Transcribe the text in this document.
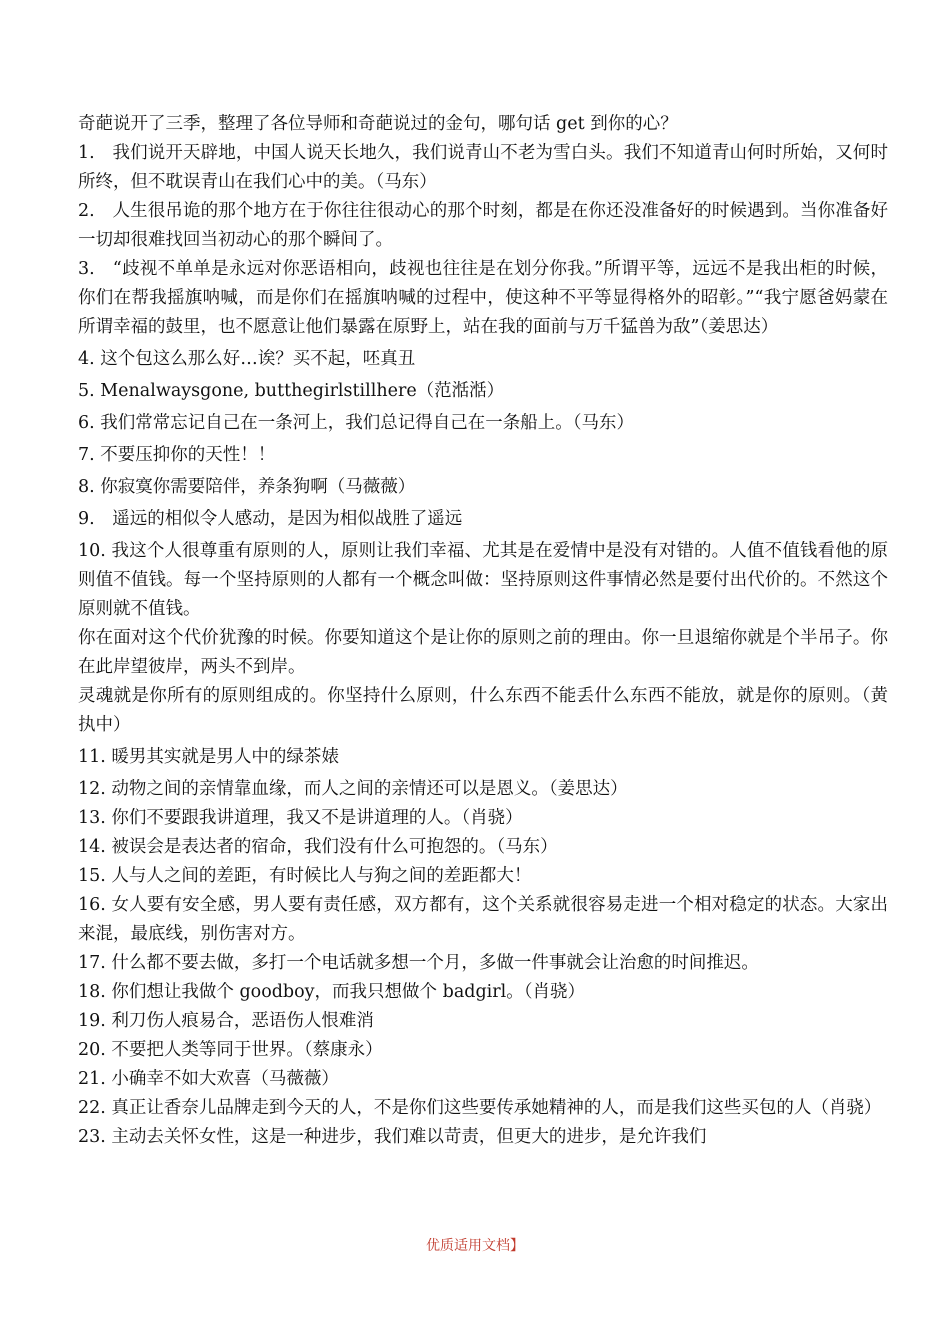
奇葩说开了三季，整理了各位导师和奇葩说过的金句，哪句话 get 到你的心？

1.　我们说开天辟地，中国人说天长地久，我们说青山不老为雪白头。我们不知道青山何时所始，又何时所终，但不耽误青山在我们心中的美。（马东）

2.　人生很吊诡的那个地方在于你往往很动心的那个时刻，都是在你还没准备好的时候遇到。当你准备好一切却很难找回当初动心的那个瞬间了。

3.　“歧视不单单是永远对你恶语相向，歧视也往往是在划分你我。”所谓平等，远远不是我出柜的时候，你们在帮我摇旗呐喊，而是你们在摇旗呐喊的过程中，使这种不平等显得格外的昭彰。”“我宁愿爸妈蒙在所谓幸福的鼓里，也不愿意让他们暴露在原野上，站在我的面前与万千猛兽为敌”（姜思达）

4. 这个包这么那么好…诶？买不起，呸真丑

5. Menalwaysgone, butthegirlstillhere（范湉湉）

6. 我们常常忘记自己在一条河上，我们总记得自己在一条船上。（马东）

7. 不要压抑你的天性！！

8. 你寂寞你需要陪伴，养条狗啊（马薇薇）

9.　遥远的相似令人感动，是因为相似战胜了遥远

10. 我这个人很尊重有原则的人，原则让我们幸福、尤其是在爱情中是没有对错的。人值不值钱看他的原则值不值钱。每一个坚持原则的人都有一个概念叫做：坚持原则这件事情必然是要付出代价的。不然这个原则就不值钱。

你在面对这个代价犹豫的时候。你要知道这个是让你的原则之前的理由。你一旦退缩你就是个半吊子。你在此岸望彼岸，两头不到岸。

灵魂就是你所有的原则组成的。你坚持什么原则，什么东西不能丢什么东西不能放，就是你的原则。（黄执中）

11. 暖男其实就是男人中的绿茶婊

12. 动物之间的亲情靠血缘，而人之间的亲情还可以是恩义。（姜思达）

13. 你们不要跟我讲道理，我又不是讲道理的人。（肖骁）

14. 被误会是表达者的宿命，我们没有什么可抱怨的。（马东）

15. 人与人之间的差距，有时候比人与狗之间的差距都大！

16. 女人要有安全感，男人要有责任感，双方都有，这个关系就很容易走进一个相对稳定的状态。大家出来混，最底线，别伤害对方。

17. 什么都不要去做，多打一个电话就多想一个月，多做一件事就会让治愈的时间推迟。

18. 你们想让我做个 goodboy，而我只想做个 badgirl。（肖骁）

19. 利刀伤人痕易合，恶语伤人恨难消

20. 不要把人类等同于世界。（蔡康永）

21. 小确幸不如大欢喜（马薇薇）

22. 真正让香奈儿品牌走到今天的人，不是你们这些要传承她精神的人，而是我们这些买包的人（肖骁）

23. 主动去关怀女性，这是一种进步，我们难以苛责，但更大的进步，是允许我们

优质适用文档】
